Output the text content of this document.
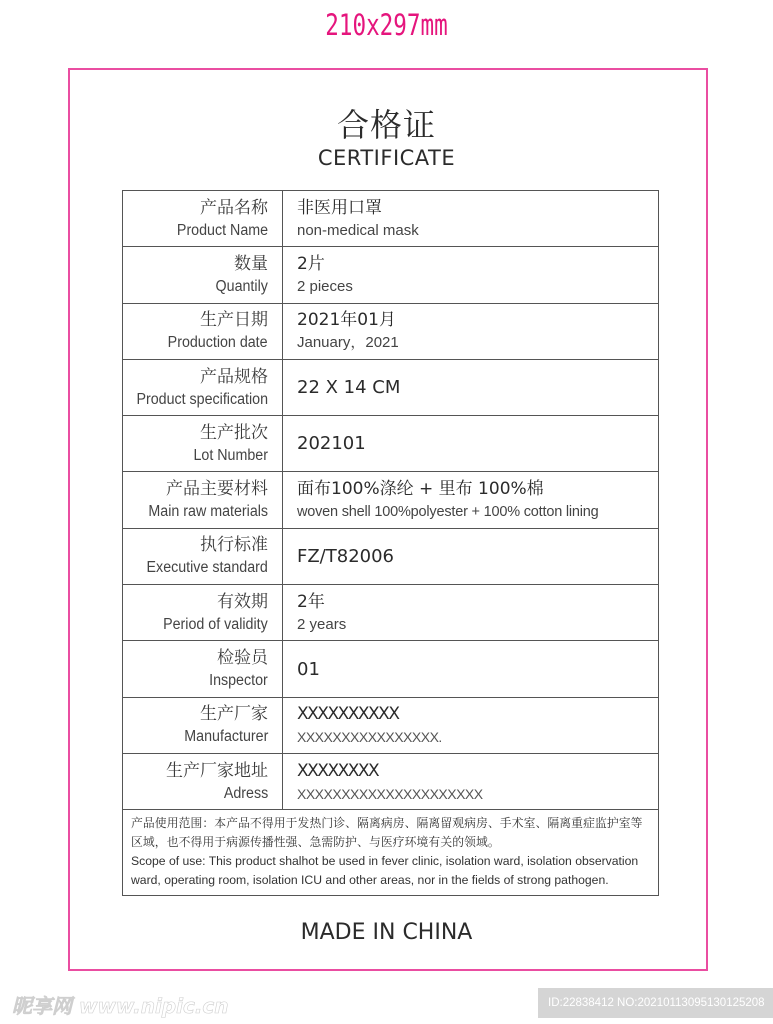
210x297mm
合格证
CERTIFICATE
产品名称
Product Name
非医用口罩
non-medical mask
数量
Quantily
2片
2 pieces
生产日期
Production date
2021年01月
January，2021
产品规格
Product specification
22 X 14 CM
生产批次
Lot Number
202101
产品主要材料
Main raw materials
面布100%涤纶 + 里布 100%棉
woven shell 100%polyester + 100% cotton lining
执行标准
Executive standard
FZ/T82006
有效期
Period of validity
2年
2 years
检验员
Inspector
01
生产厂家
Manufacturer
XXXXXXXXXX
XXXXXXXXXXXXXXXX.
生产厂家地址
Adress
XXXXXXXX
XXXXXXXXXXXXXXXXXXXXX
产品使用范围：本产品不得用于发热门诊、隔离病房、隔离留观病房、手术室、隔离重症监护室等区域，也不得用于病源传播性强、急需防护、与医疗环境有关的领域。
Scope of use: This product shalhot be used in fever clinic, isolation ward, isolation observation ward, operating room, isolation ICU and other areas, nor in the fields of strong pathogen.
MADE IN CHINA
昵享网 www.nipic.cn	ID:22838412 NO:20210113095130125208
